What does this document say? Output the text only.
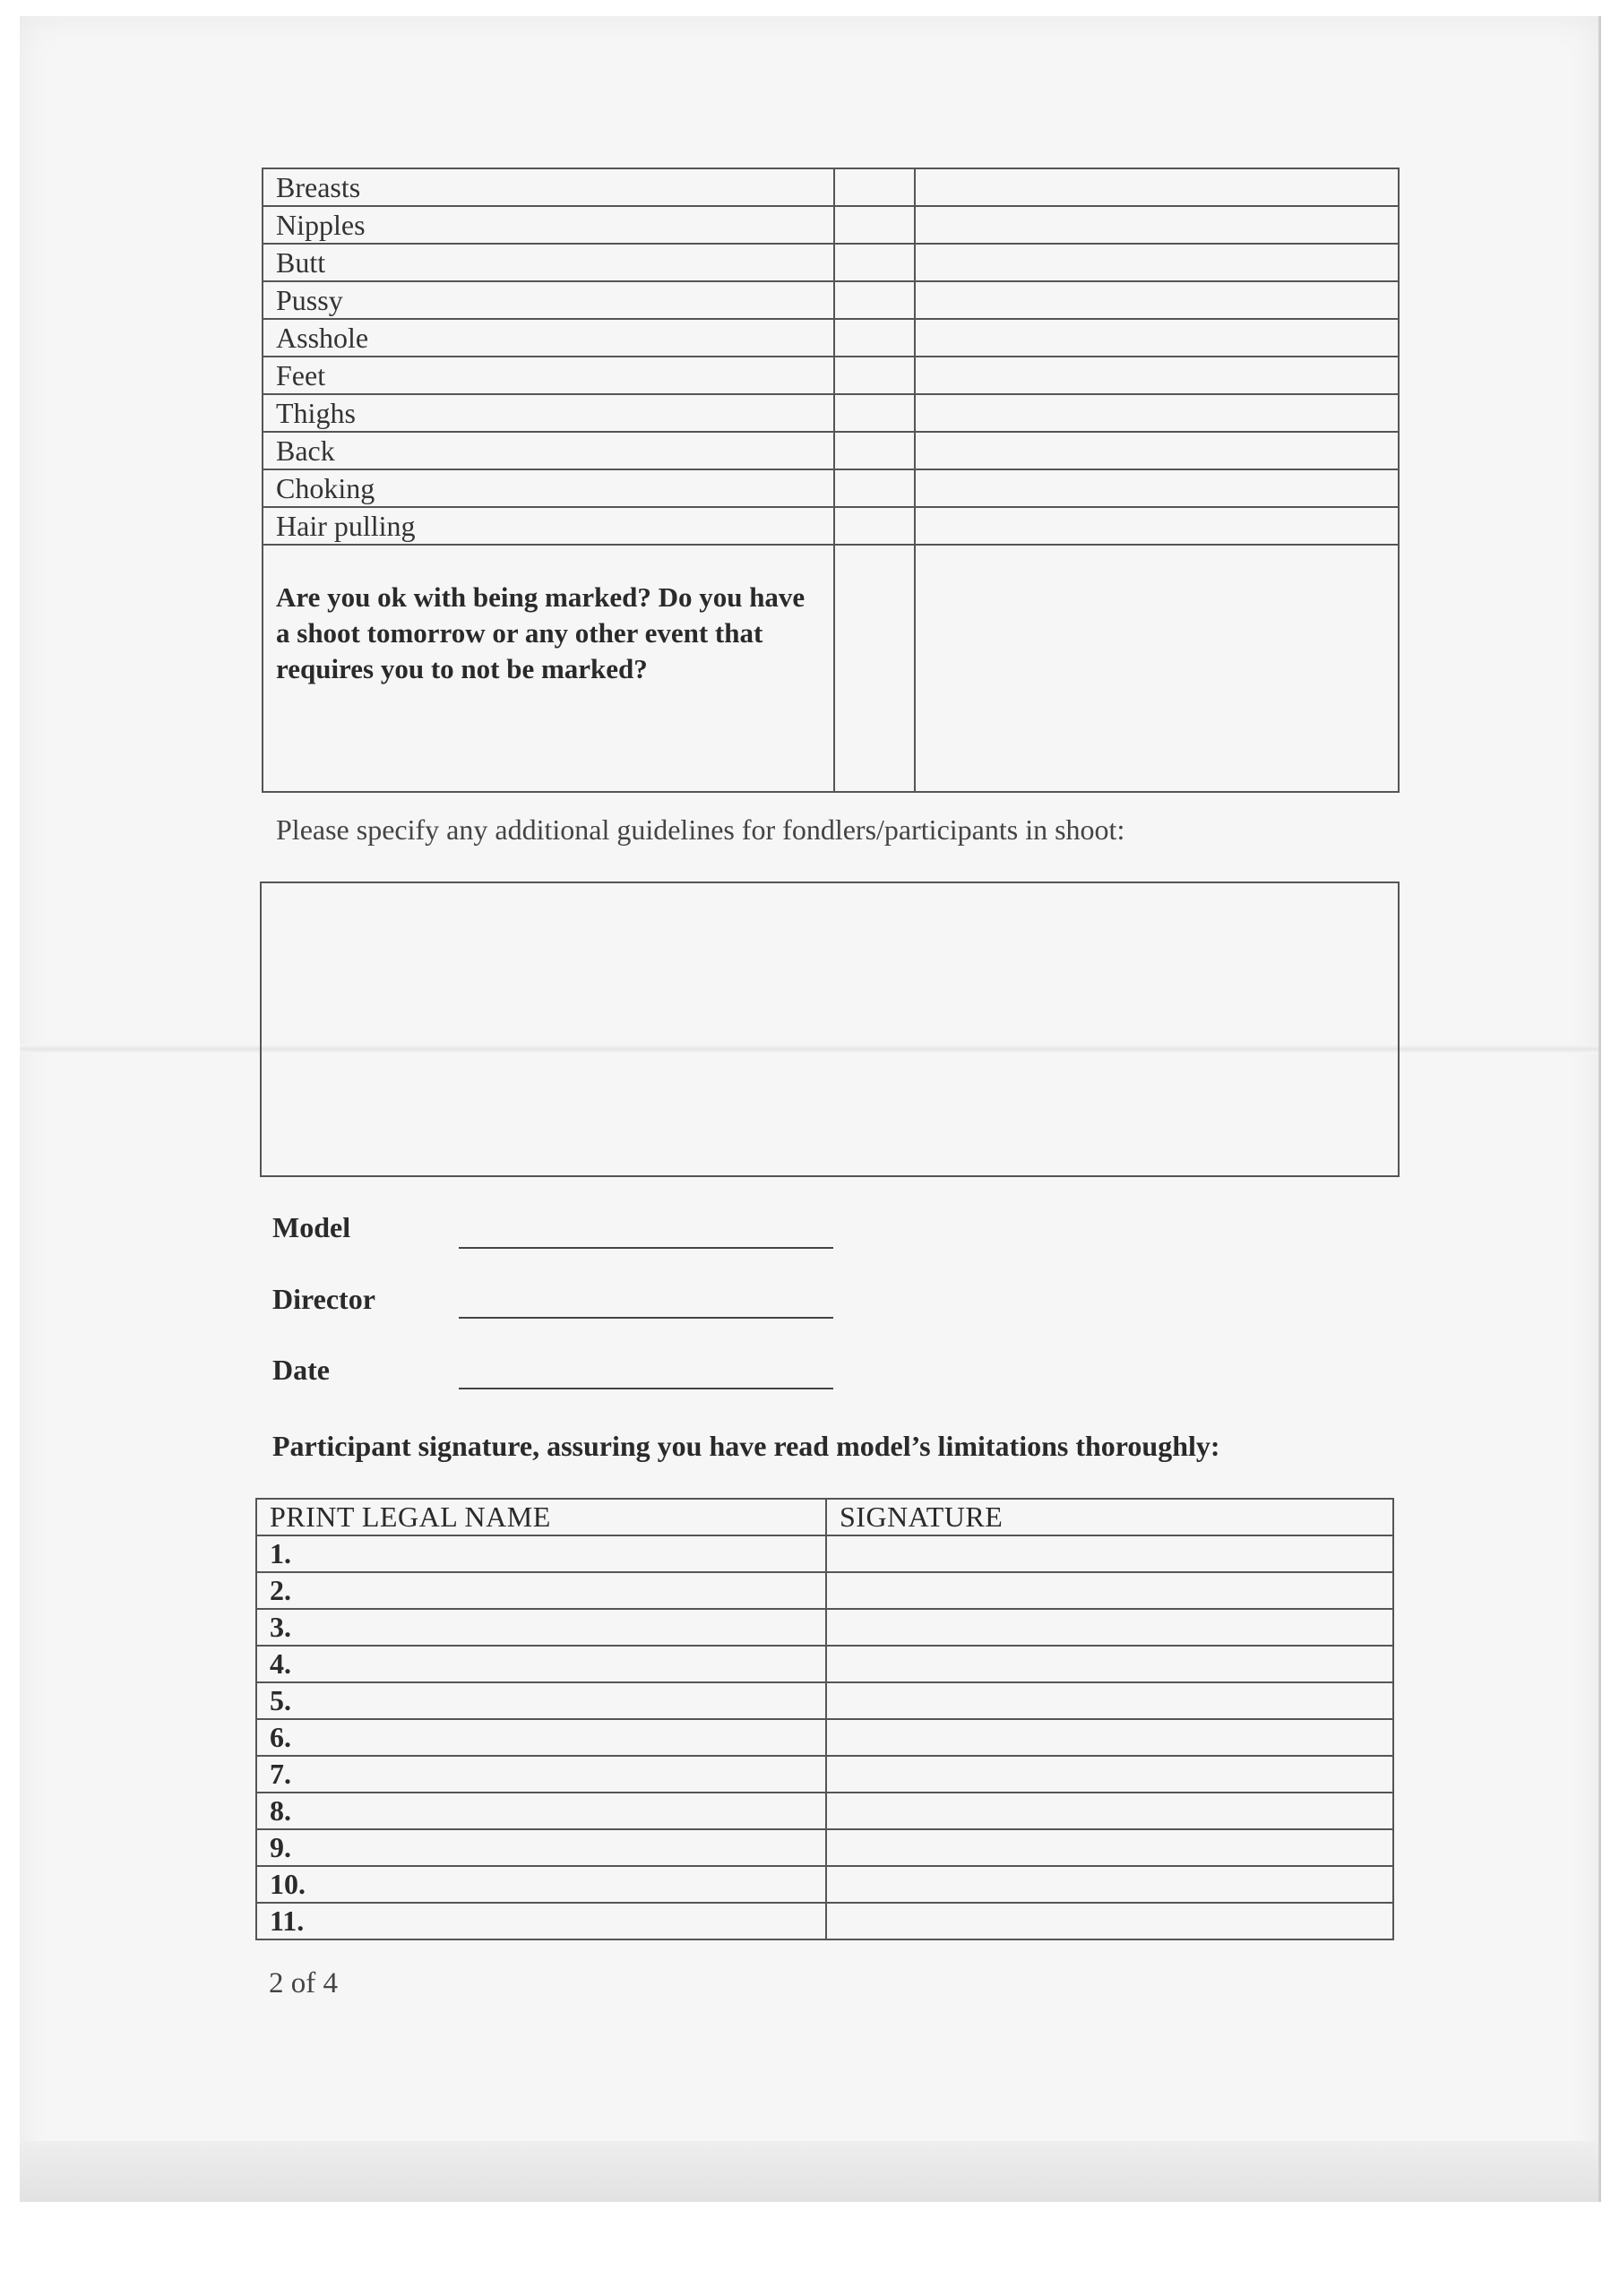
Breasts		
Nipples		
Butt		
Pussy		
Asshole		
Feet		
Thighs		
Back		
Choking		
Hair pulling		
Are you ok with being marked? Do you have a shoot tomorrow or any other event that requires you to not be marked?		
Please specify any additional guidelines for fondlers/participants in shoot:
Model
Director
Date
Participant signature, assuring you have read model’s limitations thoroughly:
PRINT LEGAL NAME	SIGNATURE
1.	
2.	
3.	
4.	
5.	
6.	
7.	
8.	
9.	
10.	
11.	
2 of 4
